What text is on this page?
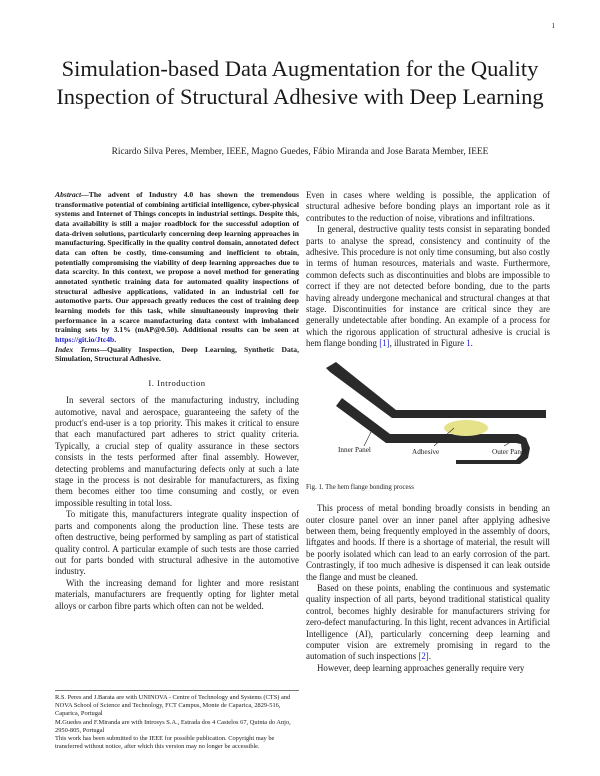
1
Simulation-based Data Augmentation for the Quality Inspection of Structural Adhesive with Deep Learning
Ricardo Silva Peres, Member, IEEE, Magno Guedes, Fábio Miranda and Jose Barata Member, IEEE

Abstract—The advent of Industry 4.0 has shown the tremendous transformative potential of combining artificial intelligence, cyber-physical systems and Internet of Things concepts in industrial settings. Despite this, data availability is still a major roadblock for the successful adoption of data-driven solutions, particularly concerning deep learning approaches in manufacturing. Specifically in the quality control domain, annotated defect data can often be costly, time-consuming and inefficient to obtain, potentially compromising the viability of deep learning approaches due to data scarcity. In this context, we propose a novel method for generating annotated synthetic training data for automated quality inspections of structural adhesive applications, validated in an industrial cell for automotive parts. Our approach greatly reduces the cost of training deep learning models for this task, while simultaneously improving their performance in a scarce manufacturing data context with imbalanced training sets by 3.1% (mAP@0.50). Additional results can be seen at https://git.io/Jtc4b.

Index Terms—Quality Inspection, Deep Learning, Synthetic Data, Simulation, Structural Adhesive.

I. Introduction

In several sectors of the manufacturing industry, including automotive, naval and aerospace, guaranteeing the safety of the product's end-user is a top priority. This makes it critical to ensure that each manufactured part adheres to strict quality criteria. Typically, a crucial step of quality assurance in these sectors consists in the tests performed after final assembly. However, detecting problems and manufacturing defects only at such a late stage in the process is not desirable for manufacturers, as fixing them becomes either too time consuming and costly, or even impossible resulting in total loss.

To mitigate this, manufacturers integrate quality inspection of parts and components along the production line. These tests are often destructive, being performed by sampling as part of statistical quality control. A particular example of such tests are those carried out for parts bonded with structural adhesive in the automotive industry.

With the increasing demand for lighter and more resistant materials, manufacturers are frequently opting for lighter metal alloys or carbon fibre parts which often can not be welded.

R.S. Peres and J.Barata are with UNINOVA - Centre of Technology and Systems (CTS) and NOVA School of Science and Technology, FCT Campus, Monte de Caparica, 2829-516, Caparica, Portugal
M.Guedes and F.Miranda are with Introsys S.A., Estrada dos 4 Castelos 67, Quinta do Anjo, 2950-805, Portugal
This work has been submitted to the IEEE for possible publication. Copyright may be transferred without notice, after which this version may no longer be accessible.

Even in cases where welding is possible, the application of structural adhesive before bonding plays an important role as it contributes to the reduction of noise, vibrations and infiltrations.

In general, destructive quality tests consist in separating bonded parts to analyse the spread, consistency and continuity of the adhesive. This procedure is not only time consuming, but also costly in terms of human resources, materials and waste. Furthermore, common defects such as discontinuities and blobs are impossible to correct if they are not detected before bonding, due to the parts having already undergone mechanical and structural changes at that stage. Discontinuities for instance are critical since they are generally undetectable after bonding. An example of a process for which the rigorous application of structural adhesive is crucial is hem flange bonding [1], illustrated in Figure 1.

Inner Panel	Adhesive	Outer Panel
Fig. 1. The hem flange bonding process

This process of metal bonding broadly consists in bending an outer closure panel over an inner panel after applying adhesive between them, being frequently employed in the assembly of doors, liftgates and hoods. If there is a shortage of material, the result will be poorly isolated which can lead to an early corrosion of the part. Contrastingly, if too much adhesive is dispensed it can leak outside the flange and must be cleaned.

Based on these points, enabling the continuous and systematic quality inspection of all parts, beyond traditional statistical quality control, becomes highly desirable for manufacturers striving for zero-defect manufacturing. In this light, recent advances in Artificial Intelligence (AI), particularly concerning deep learning and computer vision are extremely promising in regard to the automation of such inspections [2].

However, deep learning approaches generally require very
